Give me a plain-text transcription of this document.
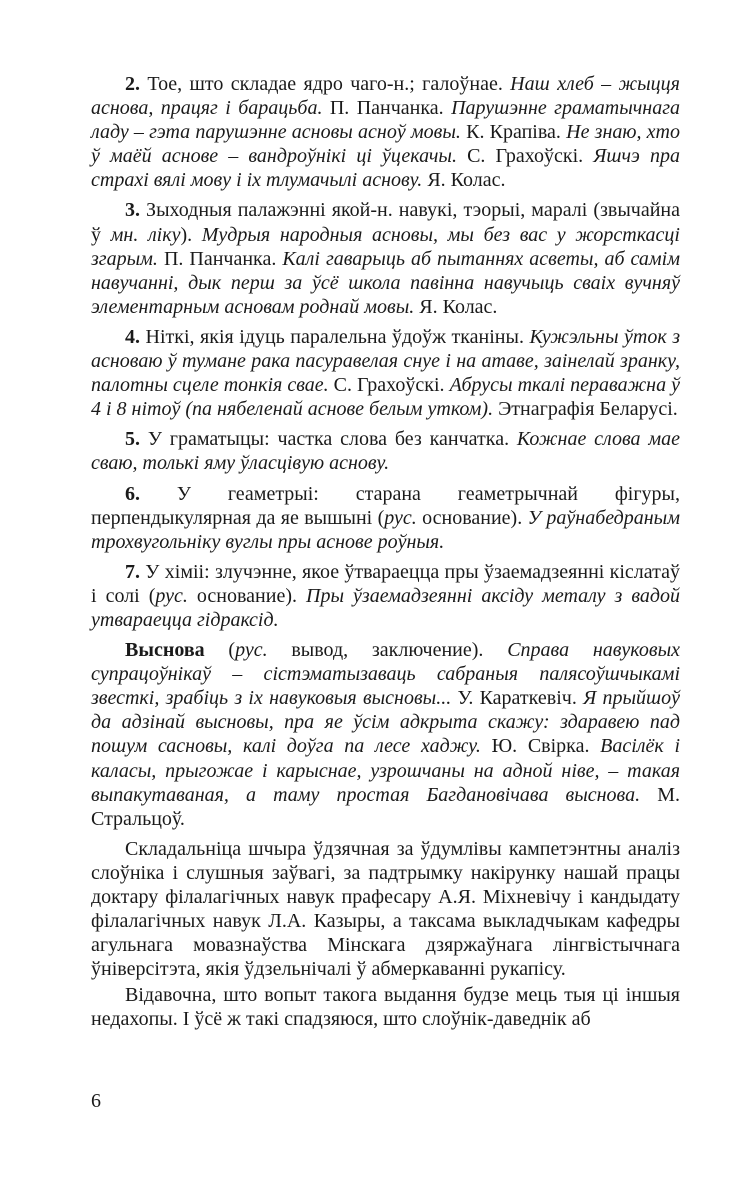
2. Тое, што складае ядро чаго-н.; галоўнае. Наш хлеб – жыцця аснова, працяг і барацьба. П. Панчанка. Парушэнне граматычнага ладу – гэта парушэнне асновы асноў мовы. К. Крапіва. Не знаю, хто ў маёй аснове – вандроўнікі ці ўцекачы. С. Грахоўскі. Яшчэ пра страхі вялі мову і іх тлумачылі аснову. Я. Колас.

3. Зыходныя палажэнні якой-н. навукі, тэорыі, маралі (звычайна ў мн. ліку). Мудрыя народныя асновы, мы без вас у жорсткасці згарым. П. Панчанка. Калі гаварыць аб пытаннях асветы, аб самім навучанні, дык перш за ўсё школа павінна навучыць сваіх вучняў элементарным асновам роднай мовы. Я. Колас.

4. Ніткі, якія ідуць паралельна ўдоўж тканіны. Кужэльны ўток з асноваю ў тумане рака пасуравелая снуе і на атаве, заінелай зранку, палотны сцеле тонкія свае. С. Грахоўскі. Абрусы ткалі пераважна ў 4 і 8 нітоў (па нябеленай аснове белым утком). Этнаграфія Беларусі.

5. У граматыцы: частка слова без канчатка. Кожнае слова мае сваю, толькі яму ўласцівую аснову.

6. У геаметрыі: старана геаметрычнай фігуры, перпендыкулярная да яе вышыні (рус. основание). У раўнабедраным трохвугольніку вуглы пры аснове роўныя.

7. У хіміі: злучэнне, якое ўтвараецца пры ўзаемадзеянні кіслатаў і солі (рус. основание). Пры ўзаемадзеянні аксіду металу з вадой утвараецца гідраксід.

Выснова (рус. вывод, заключение). Справа навуковых супрацоўнікаў – сістэматызаваць сабраныя палясоўшчыкамі звесткі, зрабіць з іх навуковыя высновы... У. Караткевіч. Я прыйшоў да адзінай высновы, пра яе ўсім адкрыта скажу: здаравею пад пошум сасновы, калі доўга па лесе хаджу. Ю. Свірка. Васілёк і каласы, прыгожае і карыснае, узрошчаны на адной ніве, – такая выпакутаваная, а таму простая Багдановічава выснова. М. Стральцоў.

Складальніца шчыра ўдзячная за ўдумлівы кампетэнтны аналіз слоўніка і слушныя заўвагі, за падтрымку накірунку нашай працы доктару філалагічных навук прафесару А.Я. Міхневічу і кандыдату філалагічных навук Л.А. Казыры, а таксама выкладчыкам кафедры агульнага мовазнаўства Мінскага дзяржаўнага лінгвістычнага ўніверсітэта, якія ўдзельнічалі ў абмеркаванні рукапісу.

Відавочна, што вопыт такога выдання будзе мець тыя ці іншыя недахопы. І ўсё ж такі спадзяюся, што слоўнік-даведнік аб

6
